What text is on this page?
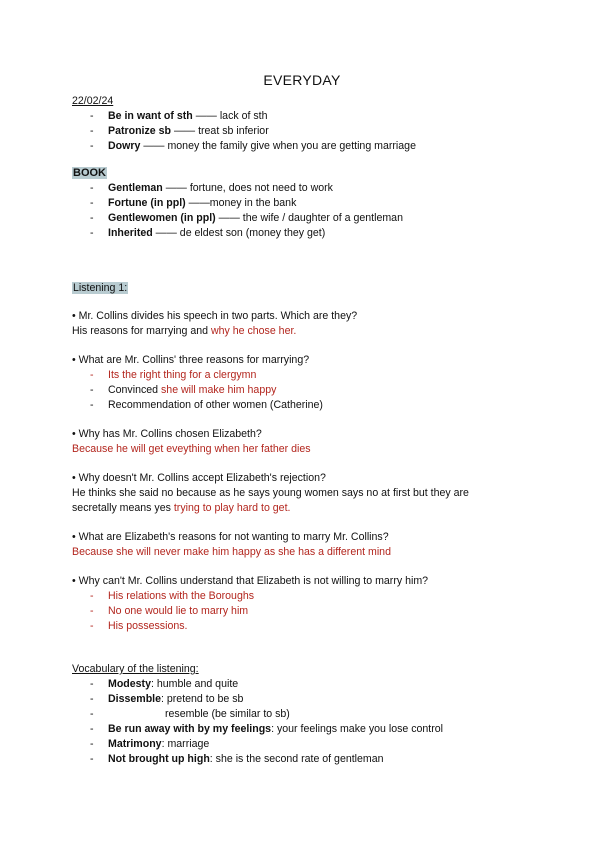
EVERYDAY

22/02/24

- Be in want of sth —— lack of sth
- Patronize sb —— treat sb inferior
- Dowry —— money the family give when you are getting marriage

BOOK

- Gentleman —— fortune, does not need to work
- Fortune (in ppl) ——money in the bank
- Gentlewomen (in ppl) —— the wife / daughter of a gentleman
- Inherited —— de eldest son (money they get)

Listening 1:

• Mr. Collins divides his speech in two parts. Which are they?

His reasons for marrying and why he chose her.

• What are Mr. Collins' three reasons for marrying?

- Its the right thing for a clergymn
- Convinced she will make him happy
- Recommendation of other women (Catherine)

• Why has Mr. Collins chosen Elizabeth?

Because he will get eveything when her father dies

• Why doesn't Mr. Collins accept Elizabeth's rejection?

He thinks she said no because as he says young women says no at first but they are

secretally means yes trying to play hard to get.

• What are Elizabeth's reasons for not wanting to marry Mr. Collins?

Because she will never make him happy as she has a different mind

• Why can't Mr. Collins understand that Elizabeth is not willing to marry him?

- His relations with the Boroughs
- No one would lie to marry him
- His possessions.

Vocabulary of the listening:

- Modesty: humble and quite
- Dissemble: pretend to be sb
- resemble (be similar to sb)
- Be run away with by my feelings: your feelings make you lose control
- Matrimony: marriage
- Not brought up high: she is the second rate of gentleman
